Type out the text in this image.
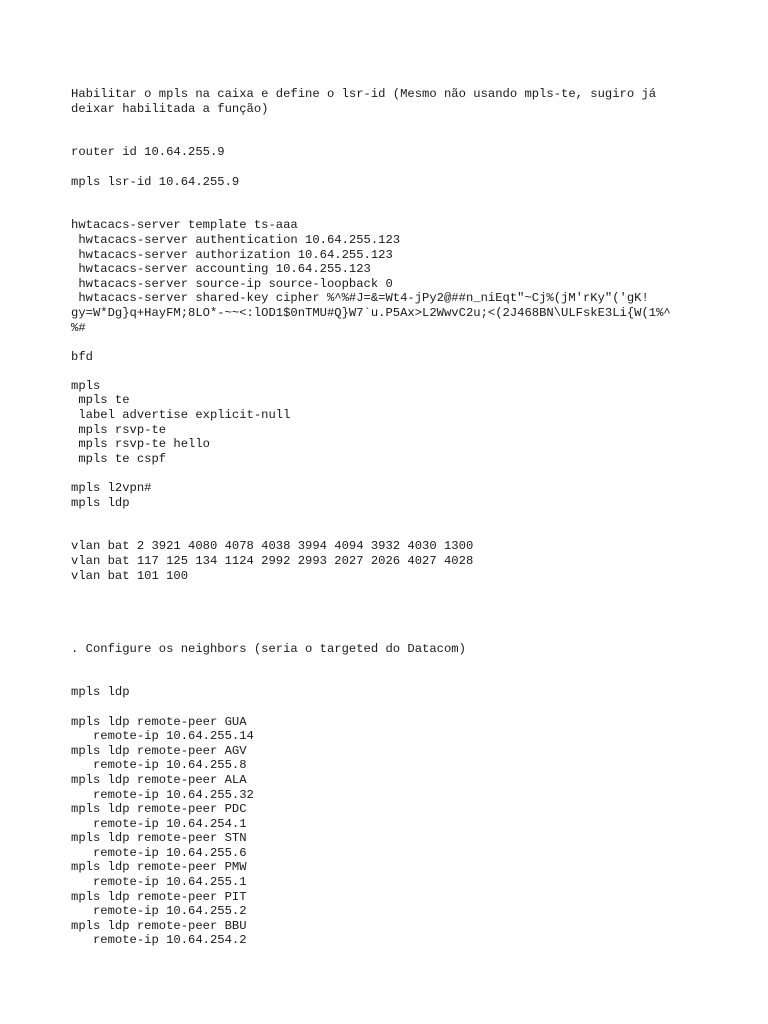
Habilitar o mpls na caixa e define o lsr-id (Mesmo não usando mpls-te, sugiro já
deixar habilitada a função)
router id 10.64.255.9
mpls lsr-id 10.64.255.9
hwtacacs-server template ts-aaa
hwtacacs-server authentication 10.64.255.123
hwtacacs-server authorization 10.64.255.123
hwtacacs-server accounting 10.64.255.123
hwtacacs-server source-ip source-loopback 0
hwtacacs-server shared-key cipher %^%#J=&=Wt4-jPy2@##n_niEqt"~Cj%(jM'rKy"('gK!
gy=W*Dg}q+HayFM;8LO*-~~<:lOD1$0nTMU#Q}W7`u.P5Ax>L2WwvC2u;<(2J468BN\ULFskE3Li{W(1%^
%#
bfd
mpls
mpls te
label advertise explicit-null
mpls rsvp-te
mpls rsvp-te hello
mpls te cspf
mpls l2vpn#
mpls ldp
vlan bat 2 3921 4080 4078 4038 3994 4094 3932 4030 1300
vlan bat 117 125 134 1124 2992 2993 2027 2026 4027 4028
vlan bat 101 100
. Configure os neighbors (seria o targeted do Datacom)
mpls ldp
mpls ldp remote-peer GUA
remote-ip 10.64.255.14
mpls ldp remote-peer AGV
remote-ip 10.64.255.8
mpls ldp remote-peer ALA
remote-ip 10.64.255.32
mpls ldp remote-peer PDC
remote-ip 10.64.254.1
mpls ldp remote-peer STN
remote-ip 10.64.255.6
mpls ldp remote-peer PMW
remote-ip 10.64.255.1
mpls ldp remote-peer PIT
remote-ip 10.64.255.2
mpls ldp remote-peer BBU
remote-ip 10.64.254.2
